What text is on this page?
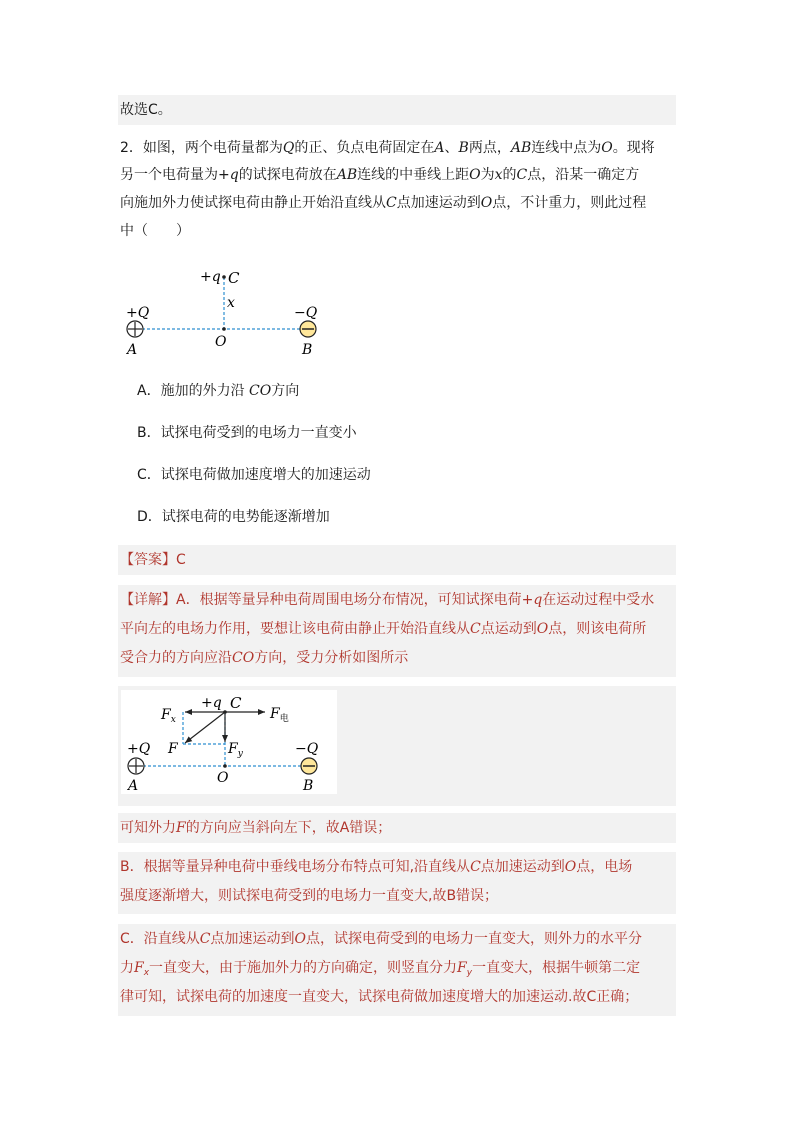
故选C。
2．如图，两个电荷量都为Q的正、负点电荷固定在A、B两点，AB连线中点为O。现将
另一个电荷量为+q的试探电荷放在AB连线的中垂线上距O为x的C点，沿某一确定方
向施加外力使试探电荷由静止开始沿直线从C点加速运动到O点，不计重力，则此过程
中（　　）
+q C
x
+Q	−Q
A	O	B
A．施加的外力沿 CO方向
B．试探电荷受到的电场力一直变小
C．试探电荷做加速度增大的加速运动
D．试探电荷的电势能逐渐增加
【答案】C
【详解】A．根据等量异种电荷周围电场分布情况，可知试探电荷+q在运动过程中受水
平向左的电场力作用，要想让该电荷由静止开始沿直线从C点运动到O点，则该电荷所
受合力的方向应沿CO方向，受力分析如图所示
+q C
$F_x$	$F_电$
F	$F_y$
+Q	−Q
A	O	B
可知外力F的方向应当斜向左下，故A错误；
B．根据等量异种电荷中垂线电场分布特点可知,沿直线从C点加速运动到O点，电场
强度逐渐增大，则试探电荷受到的电场力一直变大,故B错误；
C．沿直线从C点加速运动到O点，试探电荷受到的电场力一直变大，则外力的水平分
力$F_x$一直变大，由于施加外力的方向确定，则竖直分力$F_y$一直变大，根据牛顿第二定
律可知，试探电荷的加速度一直变大，试探电荷做加速度增大的加速运动.故C正确；
